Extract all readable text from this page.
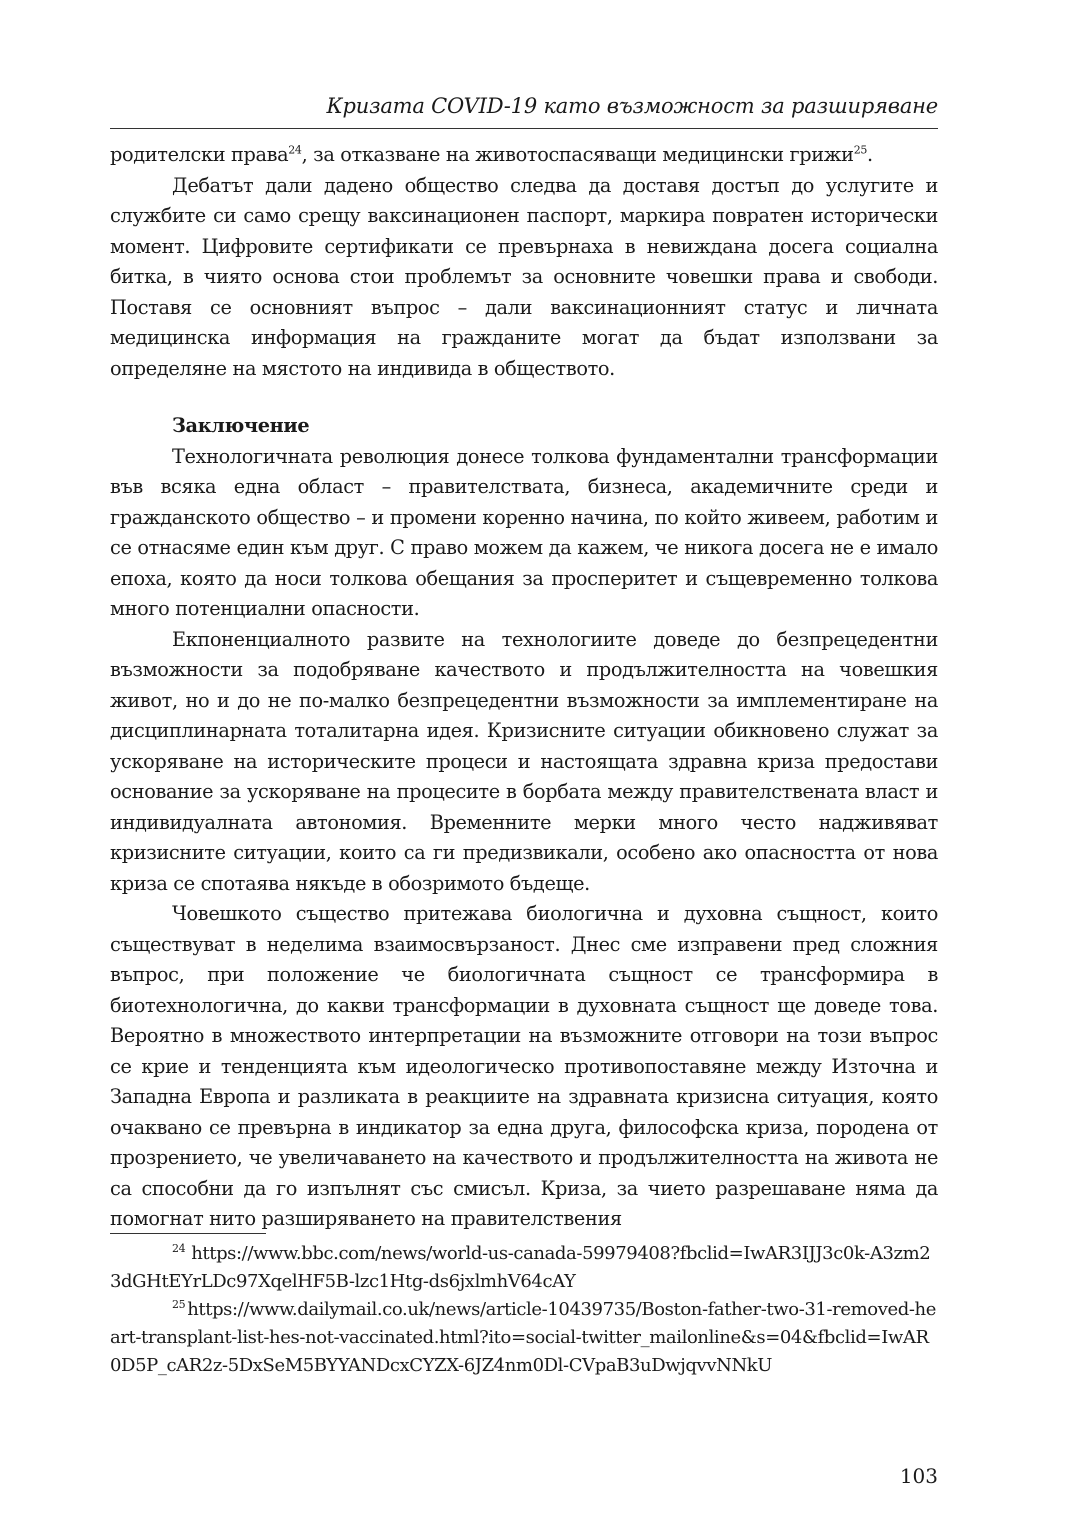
Кризата COVID-19 като възможност за разширяване

родителски права$^{24}$, за отказване на животоспасяващи медицински грижи$^{25}$.

Дебатът дали дадено общество следва да доставя достъп до услугите и службите си само срещу ваксинационен паспорт, маркира повратен исторически момент. Цифровите сертификати се превърнаха в невиждана досега социална битка, в чиято основа стои проблемът за основните човешки права и свободи. Поставя се основният въпрос – дали ваксинационният статус и личната медицинска информация на гражданите могат да бъдат използвани за определяне на мястото на индивида в обществото.

Заключение

Технологичната революция донесе толкова фундаментални трансформации във всяка една област – правителствата, бизнеса, академичните среди и гражданското общество – и промени коренно начина, по който живеем, работим и се отнасяме един към друг. С право можем да кажем, че никога досега не е имало епоха, която да носи толкова обещания за просперитет и същевременно толкова много потенциални опасности.

Екпоненциалното развите на технологиите доведе до безпрецедентни възможности за подобряване качеството и продължителността на човешкия живот, но и до не по-малко безпрецедентни възможности за имплементиране на дисциплинарната тоталитарна идея. Кризисните ситуации обикновено служат за ускоряване на историческите процеси и настоящата здравна криза предостави основание за ускоряване на процесите в борбата между правителствената власт и индивидуалната автономия. Временните мерки много често надживяват кризисните ситуации, които са ги предизвикали, особено ако опасността от нова криза се спотаява някъде в обозримото бъдеще.

Човешкото същество притежава биологична и духовна същност, които съществуват в неделима взаимосвързаност. Днес сме изправени пред сложния въпрос, при положение че биологичната същност се трансформира в биотехнологична, до какви трансформации в духовната същност ще доведе това. Вероятно в множеството интерпретации на възможните отговори на този въпрос се крие и тенденцията към идеологическо противопоставяне между Източна и Западна Европа и разликата в реакциите на здравната кризисна ситуация, която очаквано се превърна в индикатор за една друга, философска криза, породена от прозрението, че увеличаването на качеството и продължителността на живота не са способни да го изпълнят със смисъл. Криза, за чието разрешаване няма да помогнат нито разширяването на правителствения

$^{24}$ https://www.bbc.com/news/world-us-canada-59979408?fbclid=IwAR3IJJ3c0k-A3zm23dGHtEYrLDc97XqelHF5B-lzc1Htg-ds6jxlmhV64cAY

$^{25}$ https://www.dailymail.co.uk/news/article-10439735/Boston-father-two-31-removed-heart-transplant-list-hes-not-vaccinated.html?ito=social-twitter_mailonline&s=04&fbclid=IwAR0D5P_cAR2z-5DxSeM5BYYANDcxCYZX-6JZ4nm0Dl-CVpaB3uDwjqvvNNkU

103
